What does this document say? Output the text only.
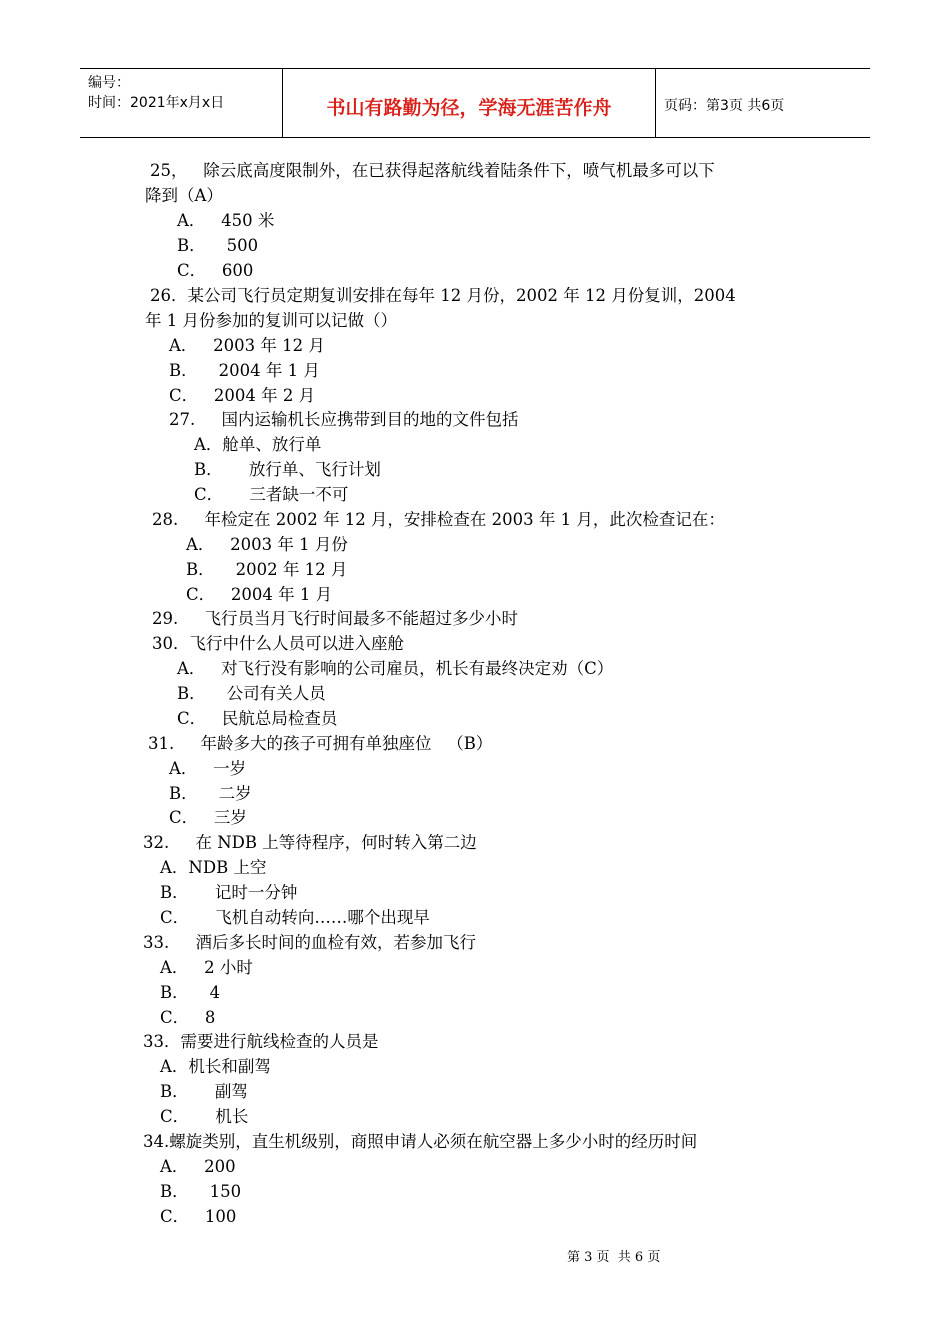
编号：
时间：2021年x月x日	书山有路勤为径，学海无涯苦作舟	页码：第3页 共6页
25，   除云底高度限制外，在已获得起落航线着陆条件下，喷气机最多可以下
降到（A）
A．   450 米
B．    500
C．   600
26．某公司飞行员定期复训安排在每年 12 月份，2002 年 12 月份复训，2004
年 1 月份参加的复训可以记做（）
A．   2003 年 12 月
B．    2004 年 1 月
C．   2004 年 2 月
27.     国内运输机长应携带到目的地的文件包括
A．舱单、放行单
B．     放行单、飞行计划
C．     三者缺一不可
28.     年检定在 2002 年 12 月，安排检查在 2003 年 1 月，此次检查记在：
A．   2003 年 1 月份
B．    2002 年 12 月
C．   2004 年 1 月
29.     飞行员当月飞行时间最多不能超过多少小时
30．飞行中什么人员可以进入座舱
A．   对飞行没有影响的公司雇员，机长有最终决定劝（C）
B．    公司有关人员
C．   民航总局检查员
31.     年龄多大的孩子可拥有单独座位   （B）
A．   一岁
B．    二岁
C．   三岁
32.     在 NDB 上等待程序，何时转入第二边
A．NDB 上空
B．     记时一分钟
C．     飞机自动转向……哪个出现早
33.     酒后多长时间的血检有效，若参加飞行
A．   2 小时
B．    4
C．   8
33．需要进行航线检查的人员是
A．机长和副驾
B．     副驾
C．     机长
34.螺旋类别，直生机级别，商照申请人必须在航空器上多少小时的经历时间
A．   200
B．    150
C．   100
第 3 页  共 6 页
